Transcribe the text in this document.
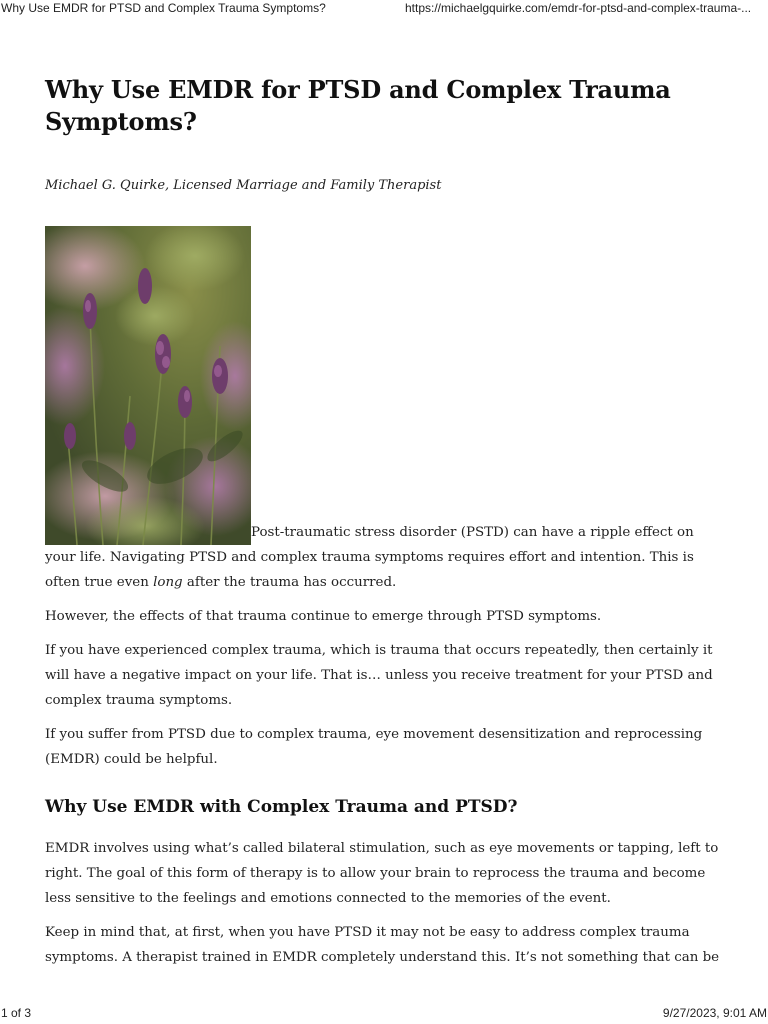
Why Use EMDR for PTSD and Complex Trauma Symptoms?	https://michaelgquirke.com/emdr-for-ptsd-and-complex-trauma-...
Why Use EMDR for PTSD and Complex Trauma Symptoms?
Michael G. Quirke, Licensed Marriage and Family Therapist

Post-traumatic stress disorder (PSTD) can have a ripple effect on your life. Navigating PTSD and complex trauma symptoms requires effort and intention. This is often true even long after the trauma has occurred.

However, the effects of that trauma continue to emerge through PTSD symptoms.

If you have experienced complex trauma, which is trauma that occurs repeatedly, then certainly it will have a negative impact on your life. That is… unless you receive treatment for your PTSD and complex trauma symptoms.

If you suffer from PTSD due to complex trauma, eye movement desensitization and reprocessing (EMDR) could be helpful.

Why Use EMDR with Complex Trauma and PTSD?

EMDR involves using what’s called bilateral stimulation, such as eye movements or tapping, left to right. The goal of this form of therapy is to allow your brain to reprocess the trauma and become less sensitive to the feelings and emotions connected to the memories of the event.

Keep in mind that, at first, when you have PTSD it may not be easy to address complex trauma symptoms. A therapist trained in EMDR completely understand this. It’s not something that can be

1 of 3	9/27/2023, 9:01 AM
